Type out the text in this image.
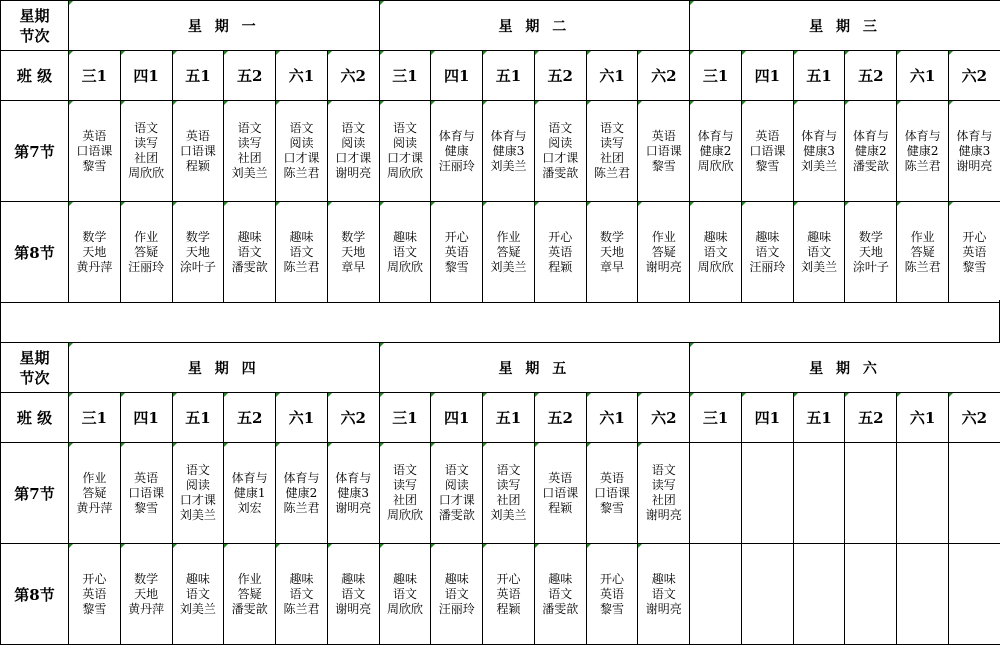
星期
节次	星 期 一						星 期 二						星 期 三					
班 级	三1	四1	五1	五2	六1	六2	三1	四1	五1	五2	六1	六2	三1	四1	五1	五2	六1	六2
第7节	英语
口语课
黎雪	语文
读写
社团
周欣欣	英语
口语课
程颖	语文
读写
社团
刘美兰	语文
阅读
口才课
陈兰君	语文
阅读
口才课
谢明亮	语文
阅读
口才课
周欣欣	体育与
健康
汪丽玲	体育与
健康3
刘美兰	语文
阅读
口才课
潘雯歆	语文
读写
社团
陈兰君	英语
口语课
黎雪	体育与
健康2
周欣欣	英语
口语课
黎雪	体育与
健康3
刘美兰	体育与
健康2
潘雯歆	体育与
健康2
陈兰君	体育与
健康3
谢明亮

第8节	数学
天地
黄丹萍	作业
答疑
汪丽玲	数学
天地
涂叶子	趣味
语文
潘雯歆	趣味
语文
陈兰君	数学
天地
章早	趣味
语文
周欣欣	开心
英语
黎雪	作业
答疑
刘美兰	开心
英语
程颖	数学
天地
章早	作业
答疑
谢明亮	趣味
语文
周欣欣	趣味
语文
汪丽玲	趣味
语文
刘美兰	数学
天地
涂叶子	作业
答疑
陈兰君	开心
英语
黎雪
星期
节次	星 期 四						星 期 五						星 期 六					
班 级	三1	四1	五1	五2	六1	六2	三1	四1	五1	五2	六1	六2	三1	四1	五1	五2	六1	六2
第7节	作业
答疑
黄丹萍	英语
口语课
黎雪	语文
阅读
口才课
刘美兰	体育与
健康1
刘宏	体育与
健康2
陈兰君	体育与
健康3
谢明亮	语文
读写
社团
周欣欣	语文
阅读
口才课
潘雯歆	语文
读写
社团
刘美兰	英语
口语课
程颖	英语
口语课
黎雪	语文
读写
社团
谢明亮						

第8节	开心
英语
黎雪	数学
天地
黄丹萍	趣味
语文
刘美兰	作业
答疑
潘雯歆	趣味
语文
陈兰君	趣味
语文
谢明亮	趣味
语文
周欣欣	趣味
语文
汪丽玲	开心
英语
程颖	趣味
语文
潘雯歆	开心
英语
黎雪	趣味
语文
谢明亮						
